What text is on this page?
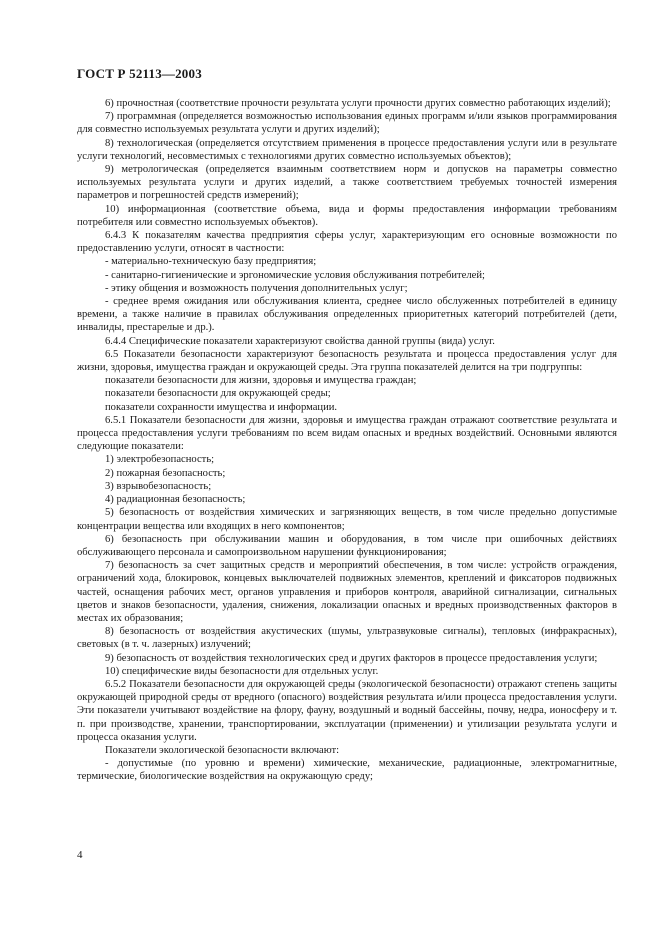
ГОСТ Р 52113—2003

6) прочностная (соответствие прочности результата услуги прочности других совместно работающих изделий);

7) программная (определяется возможностью использования единых программ и/или языков программирования для совместно используемых результата услуги и других изделий);

8) технологическая (определяется отсутствием применения в процессе предоставления услуги или в результате услуги технологий, несовместимых с технологиями других совместно используемых объектов);

9) метрологическая (определяется взаимным соответствием норм и допусков на параметры совместно используемых результата услуги и других изделий, а также соответствием требуемых точностей измерения параметров и погрешностей средств измерений);

10) информационная (соответствие объема, вида и формы предоставления информации требованиям потребителя или совместно используемых объектов).

6.4.3 К показателям качества предприятия сферы услуг, характеризующим его основные возможности по предоставлению услуги, относят в частности:

- материально-техническую базу предприятия;

- санитарно-гигиенические и эргономические условия обслуживания потребителей;

- этику общения и возможность получения дополнительных услуг;

- среднее время ожидания или обслуживания клиента, среднее число обслуженных потребителей в единицу времени, а также наличие в правилах обслуживания определенных приоритетных категорий потребителей (дети, инвалиды, престарелые и др.).

6.4.4 Специфические показатели характеризуют свойства данной группы (вида) услуг.

6.5 Показатели безопасности характеризуют безопасность результата и процесса предоставления услуг для жизни, здоровья, имущества граждан и окружающей среды. Эта группа показателей делится на три подгруппы:

показатели безопасности для жизни, здоровья и имущества граждан;

показатели безопасности для окружающей среды;

показатели сохранности имущества и информации.

6.5.1 Показатели безопасности для жизни, здоровья и имущества граждан отражают соответствие результата и процесса предоставления услуги требованиям по всем видам опасных и вредных воздействий. Основными являются следующие показатели:

1) электробезопасность;

2) пожарная безопасность;

3) взрывобезопасность;

4) радиационная безопасность;

5) безопасность от воздействия химических и загрязняющих веществ, в том числе предельно допустимые концентрации вещества или входящих в него компонентов;

6) безопасность при обслуживании машин и оборудования, в том числе при ошибочных действиях обслуживающего персонала и самопроизвольном нарушении функционирования;

7) безопасность за счет защитных средств и мероприятий обеспечения, в том числе: устройств ограждения, ограничений хода, блокировок, концевых выключателей подвижных элементов, креплений и фиксаторов подвижных частей, оснащения рабочих мест, органов управления и приборов контроля, аварийной сигнализации, сигнальных цветов и знаков безопасности, удаления, снижения, локализации опасных и вредных производственных факторов в местах их образования;

8) безопасность от воздействия акустических (шумы, ультразвуковые сигналы), тепловых (инфракрасных), световых (в т. ч. лазерных) излучений;

9) безопасность от воздействия технологических сред и других факторов в процессе предоставления услуги;

10) специфические виды безопасности для отдельных услуг.

6.5.2 Показатели безопасности для окружающей среды (экологической безопасности) отражают степень защиты окружающей природной среды от вредного (опасного) воздействия результата и/или процесса предоставления услуги. Эти показатели учитывают воздействие на флору, фауну, воздушный и водный бассейны, почву, недра, ионосферу и т. п. при производстве, хранении, транспортировании, эксплуатации (применении) и утилизации результата услуги и процесса оказания услуги.

Показатели экологической безопасности включают:

- допустимые (по уровню и времени) химические, механические, радиационные, электромагнитные, термические, биологические воздействия на окружающую среду;

4
